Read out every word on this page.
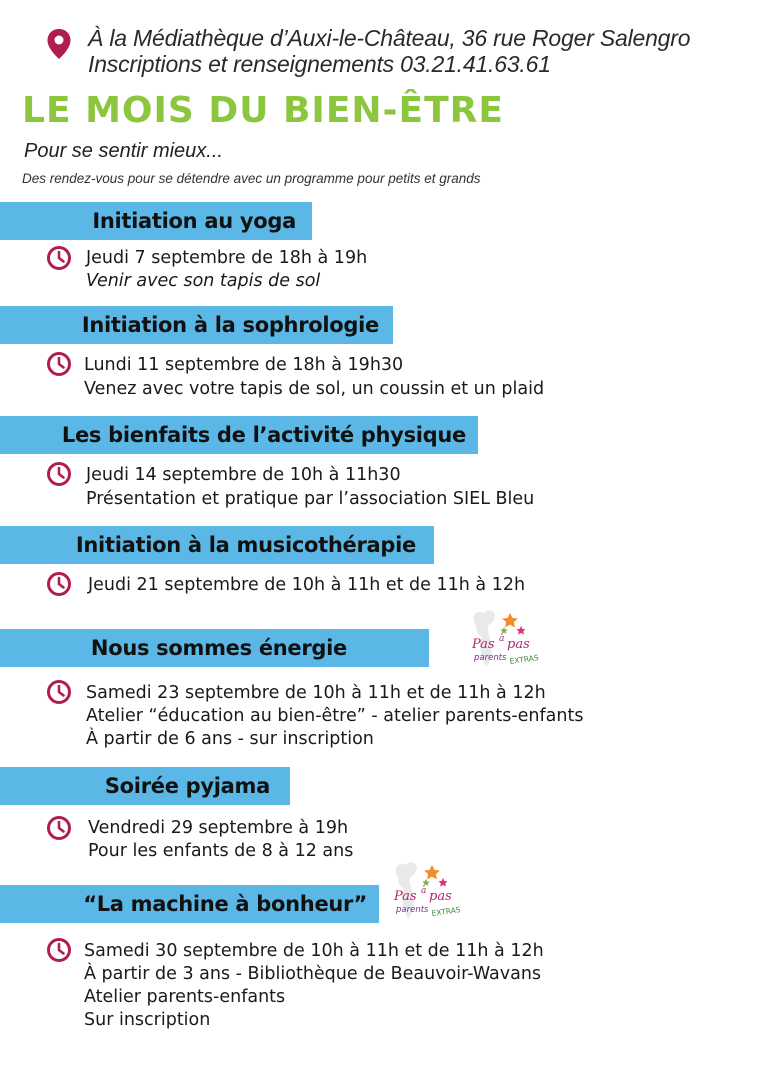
À la Médiathèque d’Auxi-le-Château, 36 rue Roger Salengro
Inscriptions et renseignements 03.21.41.63.61
LE MOIS DU BIEN-ÊTRE
Pour se sentir mieux...
Des rendez-vous pour se détendre avec un programme pour petits et grands
Initiation au yoga
Jeudi 7 septembre de 18h à 19h
Venir avec son tapis de sol
Initiation à la sophrologie
Lundi 11 septembre de 18h à 19h30
Venez avec votre tapis de sol, un coussin et un plaid
Les bienfaits de l’activité physique
Jeudi 14 septembre de 10h à 11h30
Présentation et pratique par l’association SIEL Bleu
Initiation à la musicothérapie
Jeudi 21 septembre de 10h à 11h et de 11h à 12h
Nous sommes énergie	Pas à pas
parents EXTRAS
Samedi 23 septembre de 10h à 11h et de 11h à 12h
Atelier “éducation au bien-être” - atelier parents-enfants
À partir de 6 ans - sur inscription
Soirée pyjama
Vendredi 29 septembre à 19h
Pour les enfants de 8 à 12 ans
“La machine à bonheur” Pas à pas
parents EXTRAS
Samedi 30 septembre de 10h à 11h et de 11h à 12h
À partir de 3 ans - Bibliothèque de Beauvoir-Wavans
Atelier parents-enfants
Sur inscription
